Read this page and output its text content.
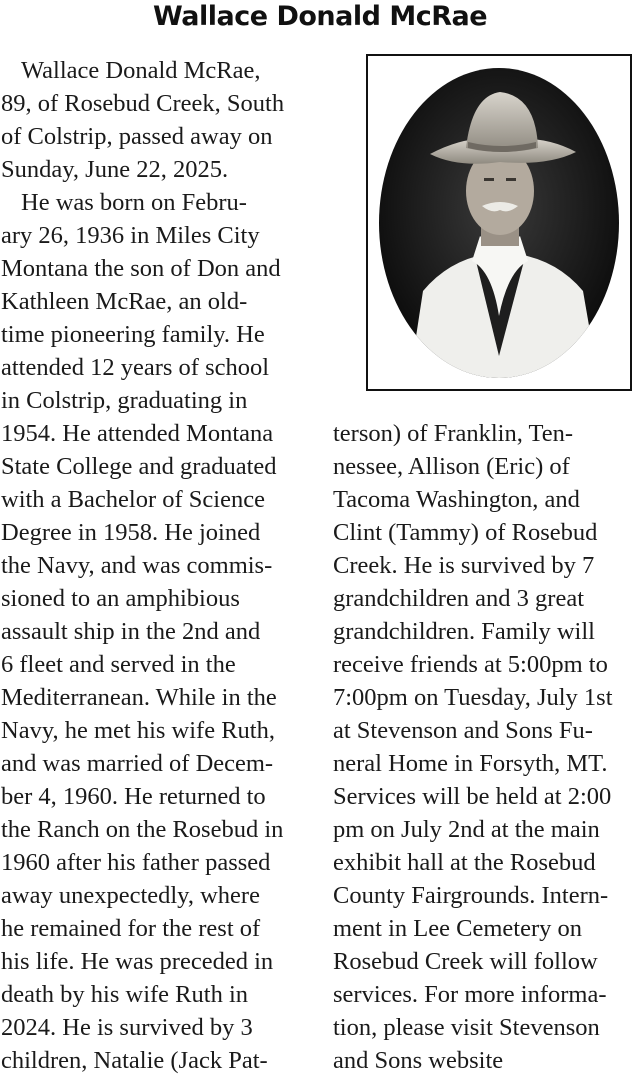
Wallace Donald McRae
Wallace Donald McRae,
89, of Rosebud Creek, South
of Colstrip, passed away on
Sunday, June 22, 2025.
He was born on Febru-
ary 26, 1936 in Miles City
Montana the son of Don and
Kathleen McRae, an old-
time pioneering family. He
attended 12 years of school
in Colstrip, graduating in
1954. He attended Montana
State College and graduated
with a Bachelor of Science
Degree in 1958. He joined
the Navy, and was commis-
sioned to an amphibious
assault ship in the 2nd and
6 fleet and served in the
Mediterranean. While in the
Navy, he met his wife Ruth,
and was married of Decem-
ber 4, 1960. He returned to
the Ranch on the Rosebud in
1960 after his father passed
away unexpectedly, where
he remained for the rest of
his life. He was preceded in
death by his wife Ruth in
2024. He is survived by 3
children, Natalie (Jack Pat-
terson) of Franklin, Ten-
nessee, Allison (Eric) of
Tacoma Washington, and
Clint (Tammy) of Rosebud
Creek. He is survived by 7
grandchildren and 3 great
grandchildren. Family will
receive friends at 5:00pm to
7:00pm on Tuesday, July 1st
at Stevenson and Sons Fu-
neral Home in Forsyth, MT.
Services will be held at 2:00
pm on July 2nd at the main
exhibit hall at the Rosebud
County Fairgrounds. Intern-
ment in Lee Cemetery on
Rosebud Creek will follow
services. For more informa-
tion, please visit Stevenson
and Sons website
